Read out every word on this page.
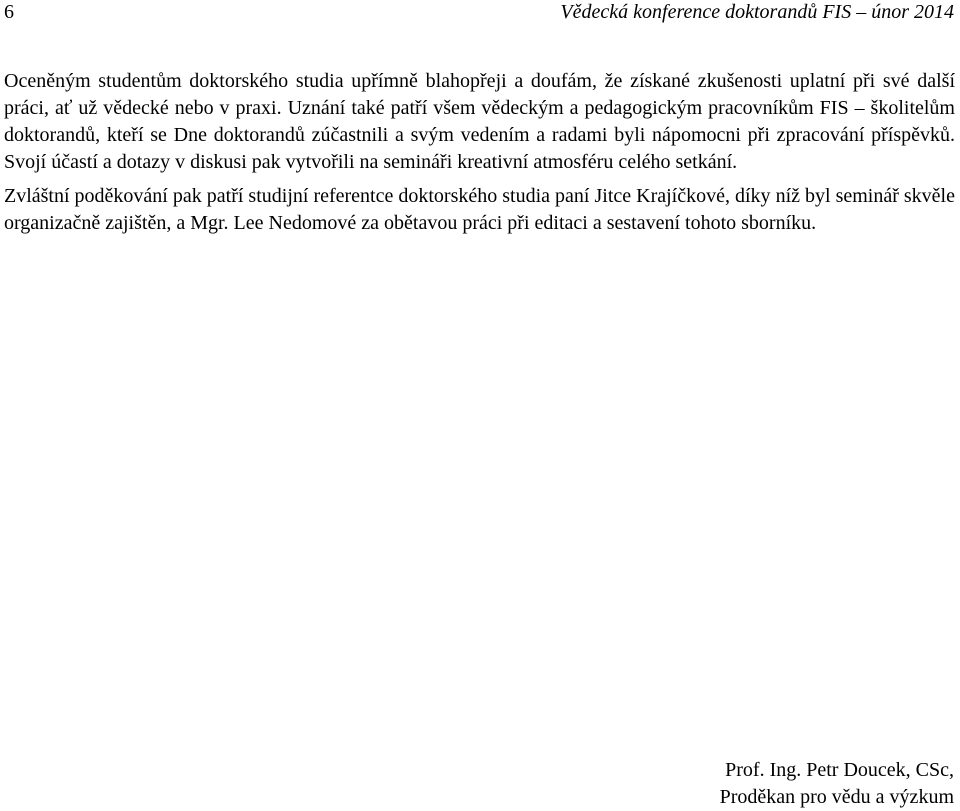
6	Vědecká konference doktorandů FIS – únor 2014

Oceněným studentům doktorského studia upřímně blahopřeji a doufám, že získané zkušenosti uplatní při své další práci, ať už vědecké nebo v praxi. Uznání také patří všem vědeckým a pedagogickým pracovníkům FIS – školitelům doktorandů, kteří se Dne doktorandů zúčastnili a svým vedením a radami byli nápomocni při zpracování příspěvků. Svojí účastí a dotazy v diskusi pak vytvořili na semináři kreativní atmosféru celého setkání.

Zvláštní poděkování pak patří studijní referentce doktorského studia paní Jitce Krajíčkové, díky níž byl seminář skvěle organizačně zajištěn, a Mgr. Lee Nedomové za obětavou práci při editaci a sestavení tohoto sborníku.

Prof. Ing. Petr Doucek, CSc,
Proděkan pro vědu a výzkum
